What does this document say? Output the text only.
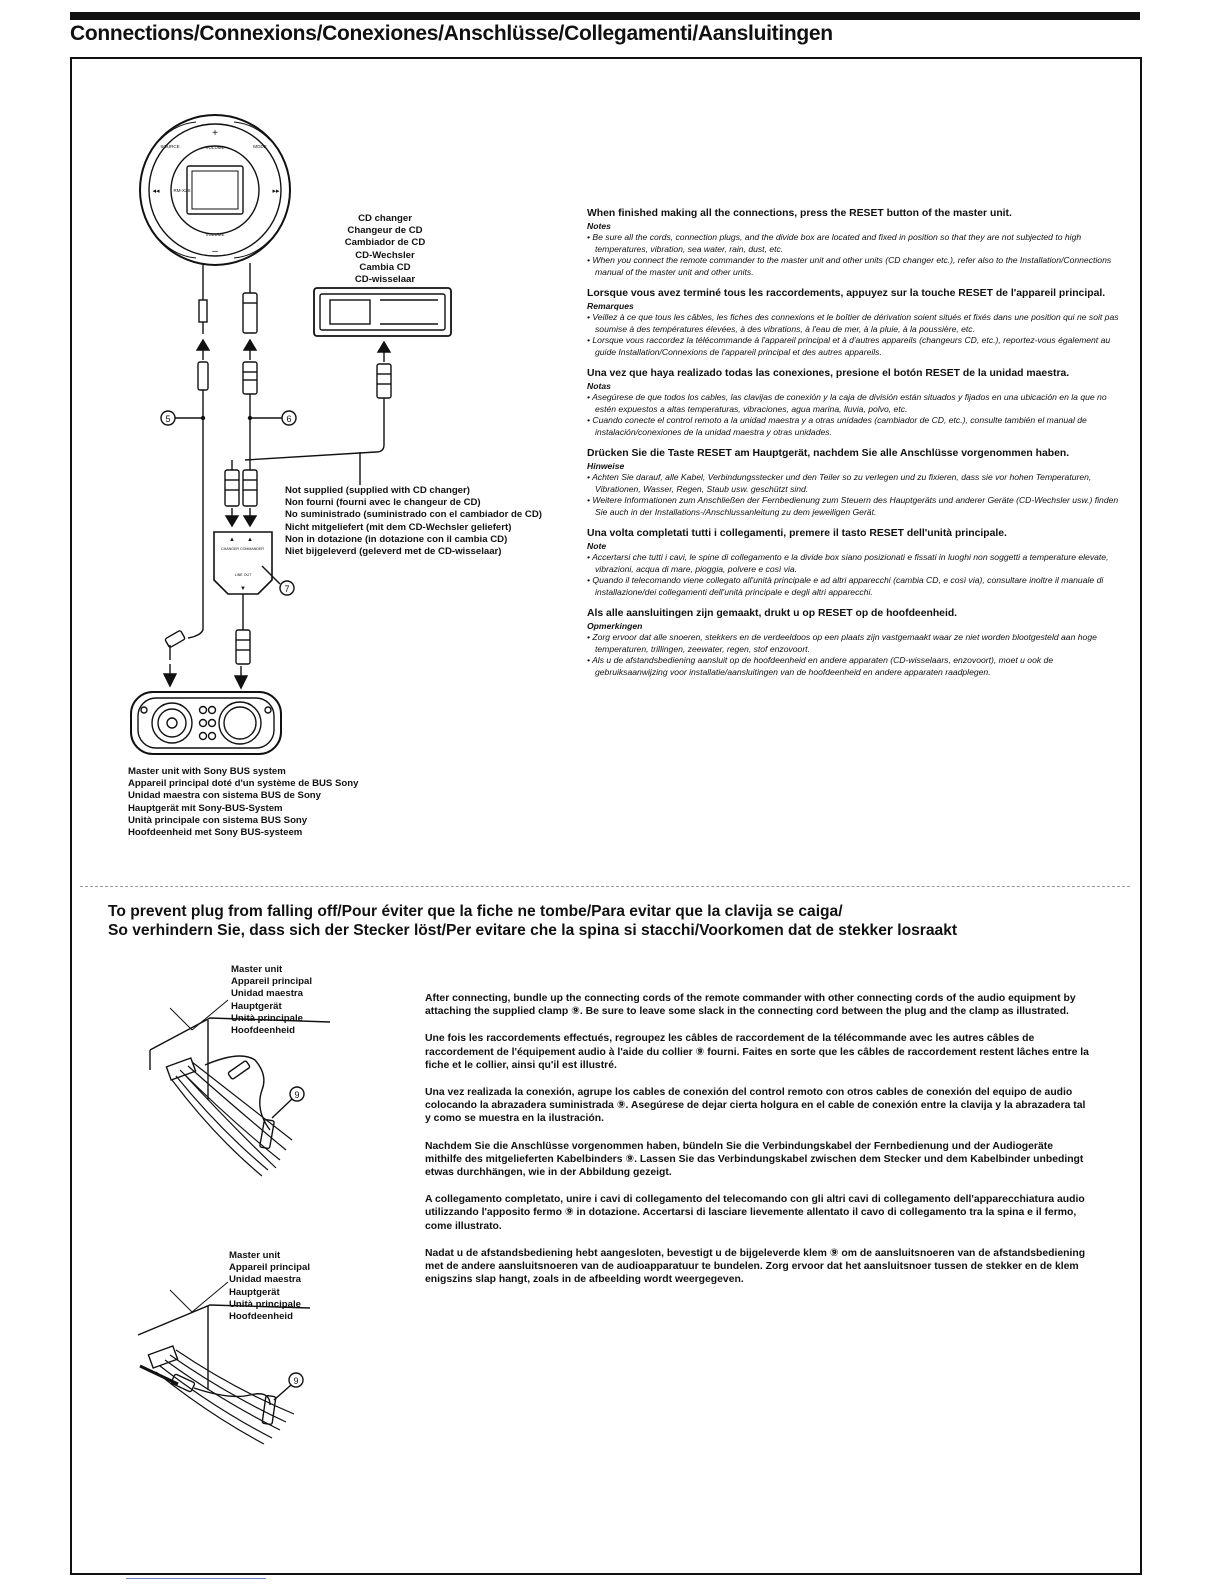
Connections/Connexions/Conexiones/Anschlüsse/Collegamenti/Aansluitingen
+
–
VOLUME
VOLUME
SOURCE	MODE
RM-X2S
◂◂	▸▸
5	6
▲ ▲
CHANGER COMMANDER
LINE OUT
▼	7
9
9
CD changer
Changeur de CD
Cambiador de CD
CD-Wechsler
Cambia CD
CD-wisselaar
Not supplied (supplied with CD changer)
Non fourni (fourni avec le changeur de CD)
No suministrado (suministrado con el cambiador de CD)
Nicht mitgeliefert (mit dem CD-Wechsler geliefert)
Non in dotazione (in dotazione con il cambia CD)
Niet bijgeleverd (geleverd met de CD-wisselaar)
Master unit with Sony BUS system
Appareil principal doté d'un système de BUS Sony
Unidad maestra con sistema BUS de Sony
Hauptgerät mit Sony-BUS-System
Unità principale con sistema BUS Sony
Hoofdeenheid met Sony BUS-systeem
When finished making all the connections, press the RESET button of the master unit.
Notes
• Be sure all the cords, connection plugs, and the divide box are located and fixed in position so that they are not subjected to high temperatures, vibration, sea water, rain, dust, etc.
• When you connect the remote commander to the master unit and other units (CD changer etc.), refer also to the Installation/Connections manual of the master unit and other units.
Lorsque vous avez terminé tous les raccordements, appuyez sur la touche RESET de l'appareil principal.
Remarques
• Veillez à ce que tous les câbles, les fiches des connexions et le boîtier de dérivation soient situés et fixés dans une position qui ne soit pas soumise à des températures élevées, à des vibrations, à l'eau de mer, à la pluie, à la poussière, etc.
• Lorsque vous raccordez la télécommande à l'appareil principal et à d'autres appareils (changeurs CD, etc.), reportez-vous également au guide Installation/Connexions de l'appareil principal et des autres appareils.
Una vez que haya realizado todas las conexiones, presione el botón RESET de la unidad maestra.
Notas
• Asegúrese de que todos los cables, las clavijas de conexión y la caja de división están situados y fijados en una ubicación en la que no estén expuestos a altas temperaturas, vibraciones, agua marina, lluvia, polvo, etc.
• Cuando conecte el control remoto a la unidad maestra y a otras unidades (cambiador de CD, etc.), consulte también el manual de instalación/conexiones de la unidad maestra y otras unidades.
Drücken Sie die Taste RESET am Hauptgerät, nachdem Sie alle Anschlüsse vorgenommen haben.
Hinweise
• Achten Sie darauf, alle Kabel, Verbindungsstecker und den Teiler so zu verlegen und zu fixieren, dass sie vor hohen Temperaturen, Vibrationen, Wasser, Regen, Staub usw. geschützt sind.
• Weitere Informationen zum Anschließen der Fernbedienung zum Steuern des Hauptgeräts und anderer Geräte (CD-Wechsler usw.) finden Sie auch in der Installations-/Anschlussanleitung zu dem jeweiligen Gerät.
Una volta completati tutti i collegamenti, premere il tasto RESET dell'unità principale.
Note
• Accertarsi che tutti i cavi, le spine di collegamento e la divide box siano posizionati e fissati in luoghi non soggetti a temperature elevate, vibrazioni, acqua di mare, pioggia, polvere e così via.
• Quando il telecomando viene collegato all'unità principale e ad altri apparecchi (cambia CD, e così via), consultare inoltre il manuale di installazione/dei collegamenti dell'unità principale e degli altri apparecchi.
Als alle aansluitingen zijn gemaakt, drukt u op RESET op de hoofdeenheid.
Opmerkingen
• Zorg ervoor dat alle snoeren, stekkers en de verdeeldoos op een plaats zijn vastgemaakt waar ze niet worden blootgesteld aan hoge temperaturen, trillingen, zeewater, regen, stof enzovoort.
• Als u de afstandsbediening aansluit op de hoofdeenheid en andere apparaten (CD-wisselaars, enzovoort), moet u ook de gebruiksaanwijzing voor installatie/aansluitingen van de hoofdeenheid en andere apparaten raadplegen.
To prevent plug from falling off/Pour éviter que la fiche ne tombe/Para evitar que la clavija se caiga/
So verhindern Sie, dass sich der Stecker löst/Per evitare che la spina si stacchi/Voorkomen dat de stekker losraakt
Master unit
Appareil principal
Unidad maestra
Hauptgerät
Unità principale
Hoofdeenheid
Master unit
Appareil principal
Unidad maestra
Hauptgerät
Unità principale
Hoofdeenheid
After connecting, bundle up the connecting cords of the remote commander with other connecting cords of the audio equipment by attaching the supplied clamp ⑨. Be sure to leave some slack in the connecting cord between the plug and the clamp as illustrated.
Une fois les raccordements effectués, regroupez les câbles de raccordement de la télécommande avec les autres câbles de raccordement de l'équipement audio à l'aide du collier ⑨ fourni. Faites en sorte que les câbles de raccordement restent lâches entre la fiche et le collier, ainsi qu'il est illustré.
Una vez realizada la conexión, agrupe los cables de conexión del control remoto con otros cables de conexión del equipo de audio colocando la abrazadera suministrada ⑨. Asegúrese de dejar cierta holgura en el cable de conexión entre la clavija y la abrazadera tal y como se muestra en la ilustración.
Nachdem Sie die Anschlüsse vorgenommen haben, bündeln Sie die Verbindungskabel der Fernbedienung und der Audiogeräte mithilfe des mitgelieferten Kabelbinders ⑨. Lassen Sie das Verbindungskabel zwischen dem Stecker und dem Kabelbinder unbedingt etwas durchhängen, wie in der Abbildung gezeigt.
A collegamento completato, unire i cavi di collegamento del telecomando con gli altri cavi di collegamento dell'apparecchiatura audio utilizzando l'apposito fermo ⑨ in dotazione. Accertarsi di lasciare lievemente allentato il cavo di collegamento tra la spina e il fermo, come illustrato.
Nadat u de afstandsbediening hebt aangesloten, bevestigt u de bijgeleverde klem ⑨ om de aansluitsnoeren van de afstandsbediening met de andere aansluitsnoeren van de audioapparatuur te bundelen. Zorg ervoor dat het aansluitsnoer tussen de stekker en de klem enigszins slap hangt, zoals in de afbeelding wordt weergegeven.
